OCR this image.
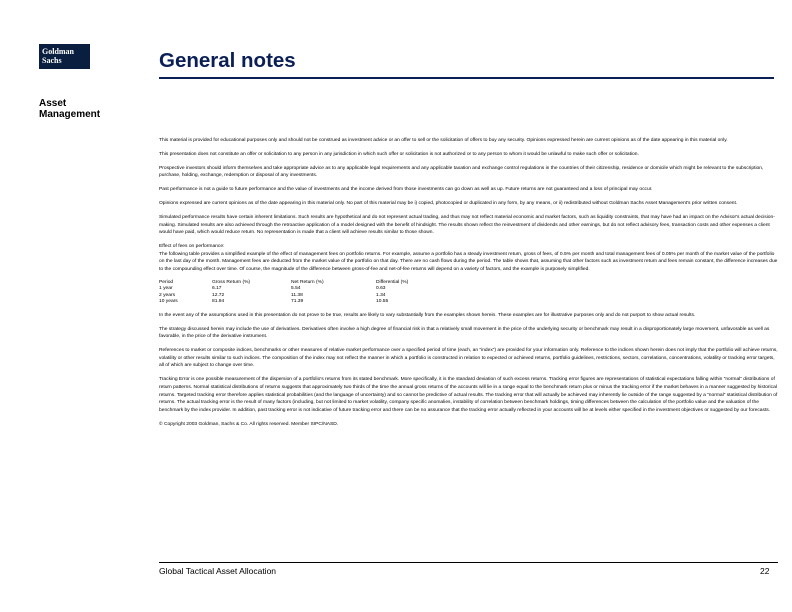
Goldman
Sachs
Asset
Management
General notes

This material is provided for educational purposes only and should not be construed as investment advice or an offer to sell or the solicitation of offers to buy any security. Opinions expressed herein are current opinions as of the date appearing in this material only.

This presentation does not constitute an offer or solicitation to any person in any jurisdiction in which such offer or solicitation is not authorized or to any person to whom it would be unlawful to make such offer or solicitation.

Prospective investors should inform themselves and take appropriate advice as to any applicable legal requirements and any applicable taxation and exchange control regulations in the countries of their citizenship, residence or domicile which might be relevant to the subscription, purchase, holding, exchange, redemption or disposal of any investments.

Past performance is not a guide to future performance and the value of investments and the income derived from those investments can go down as well as up. Future returns are not guaranteed and a loss of principal may occur.

Opinions expressed are current opinions as of the date appearing in this material only. No part of this material may be i) copied, photocopied or duplicated in any form, by any means, or ii) redistributed without Goldman Sachs Asset Management's prior written consent.

Simulated performance results have certain inherent limitations. Such results are hypothetical and do not represent actual trading, and thus may not reflect material economic and market factors, such as liquidity constraints, that may have had an impact on the Advisor's actual decision-making. Simulated results are also achieved through the retroactive application of a model designed with the benefit of hindsight. The results shown reflect the reinvestment of dividends and other earnings, but do not reflect advisory fees, transaction costs and other expenses a client would have paid, which would reduce return. No representation is made that a client will achieve results similar to those shown.

Effect of fees on performance:
The following table provides a simplified example of the effect of management fees on portfolio returns. For example, assume a portfolio has a steady investment return, gross of fees, of 0.5% per month and total management fees of 0.05% per month of the market value of the portfolio on the last day of the month. Management fees are deducted from the market value of the portfolio on that day. There are no cash flows during the period. The table shows that, assuming that other factors such as investment return and fees remain constant, the difference increases due to the compounding effect over time. Of course, the magnitude of the difference between gross-of-fee and net-of-fee returns will depend on a variety of factors, and the example is purposely simplified.
Period	Gross Return (%)	Net Return (%)	Differential (%)
1 year	6.17	5.54	0.63
2 years	12.72	11.38	1.34
10 years	81.94	71.39	10.55

In the event any of the assumptions used in this presentation do not prove to be true, results are likely to vary substantially from the examples shown herein. These examples are for illustrative purposes only and do not purport to show actual results.

The strategy discussed herein may include the use of derivatives. Derivatives often involve a high degree of financial risk in that a relatively small movement in the price of the underlying security or benchmark may result in a disproportionately large movement, unfavorable as well as favorable, in the price of the derivative instrument.

References to market or composite indices, benchmarks or other measures of relative market performance over a specified period of time (each, an “index”) are provided for your information only. Reference to the indices shown herein does not imply that the portfolio will achieve returns, volatility or other results similar to such indices. The composition of the index may not reflect the manner in which a portfolio is constructed in relation to expected or achieved returns, portfolio guidelines, restrictions, sectors, correlations, concentrations, volatility or tracking error targets, all of which are subject to change over time.

Tracking Error is one possible measurement of the dispersion of a portfolio's returns from its stated benchmark. More specifically, it is the standard deviation of such excess returns. Tracking error figures are representations of statistical expectations falling within “normal” distributions of return patterns. Normal statistical distributions of returns suggests that approximately two thirds of the time the annual gross returns of the accounts will lie in a range equal to the benchmark return plus or minus the tracking error if the market behaves in a manner suggested by historical returns. Targeted tracking error therefore applies statistical probabilities (and the language of uncertainty) and so cannot be predictive of actual results. The tracking error that will actually be achieved may inherently lie outside of the range suggested by a “normal” statistical distribution of returns. The actual tracking error is the result of many factors (including, but not limited to market volatility, company specific anomalies, instability of correlation between benchmark holdings, timing differences between the calculation of the portfolio value and the valuation of the benchmark by the index provider. In addition, past tracking error is not indicative of future tracking error and there can be no assurance that the tracking error actually reflected in your accounts will be at levels either specified in the investment objectives or suggested by our forecasts.

© Copyright 2003 Goldman, Sachs & Co. All rights reserved. Member SIPC/NASD.

Global Tactical Asset Allocation	22
